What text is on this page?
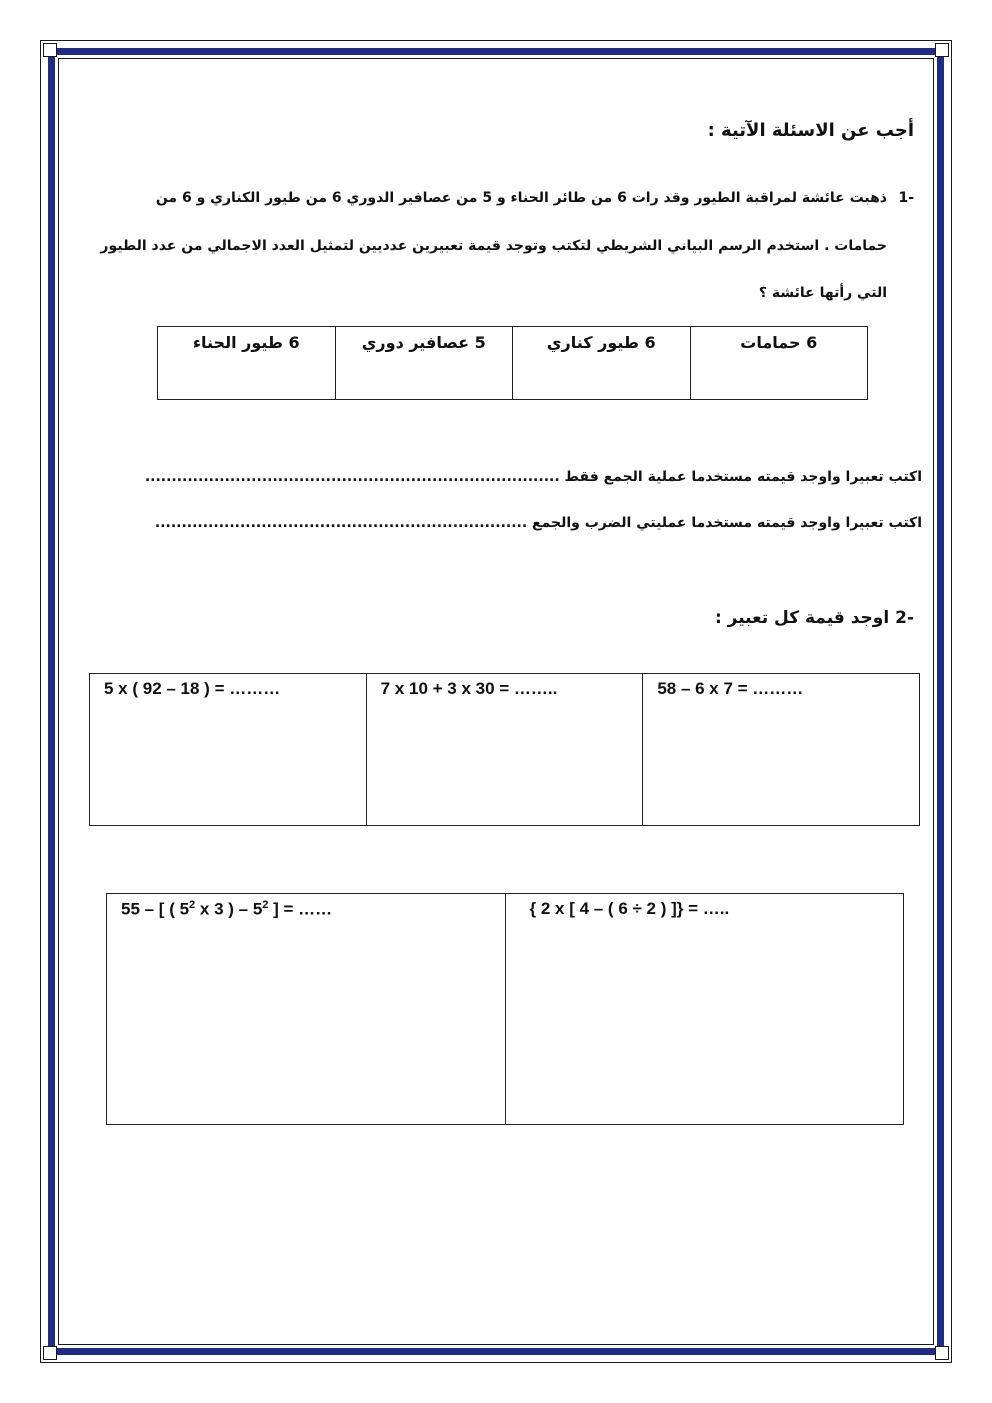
أجب عن الاسئلة الآتية :
-1
ذهبت عائشة لمراقبة الطيور وقد رات 6 من طائر الحناء و 5 من عصافير الدوري 6 من طيور الكناري و 6 من
حمامات . استخدم الرسم البياني الشريطي لتكتب وتوجد قيمة تعبيرين عدديين لتمثيل العدد الاجمالي من عدد الطيور
التي رأتها عائشة ؟
6 طيور الحناء	5 عصافير دوري	6 طيور كناري	6 حمامات
اكتب تعبيرا واوجد قيمته مستخدما عملية الجمع فقط ..............................................................................
اكتب تعبيرا واوجد قيمته مستخدما عمليتي الضرب والجمع ......................................................................
-2 اوجد قيمة كل تعبير :
5 x ( 92 – 18 ) = ………	7 x 10 + 3 x 30 = ……..	58 – 6 x 7 = ………
55 – [ ( $5^2$ x 3 ) – $5^2$ ] = ……	{ 2 x [ 4 – ( 6 ÷ 2 ) ]} = …..
